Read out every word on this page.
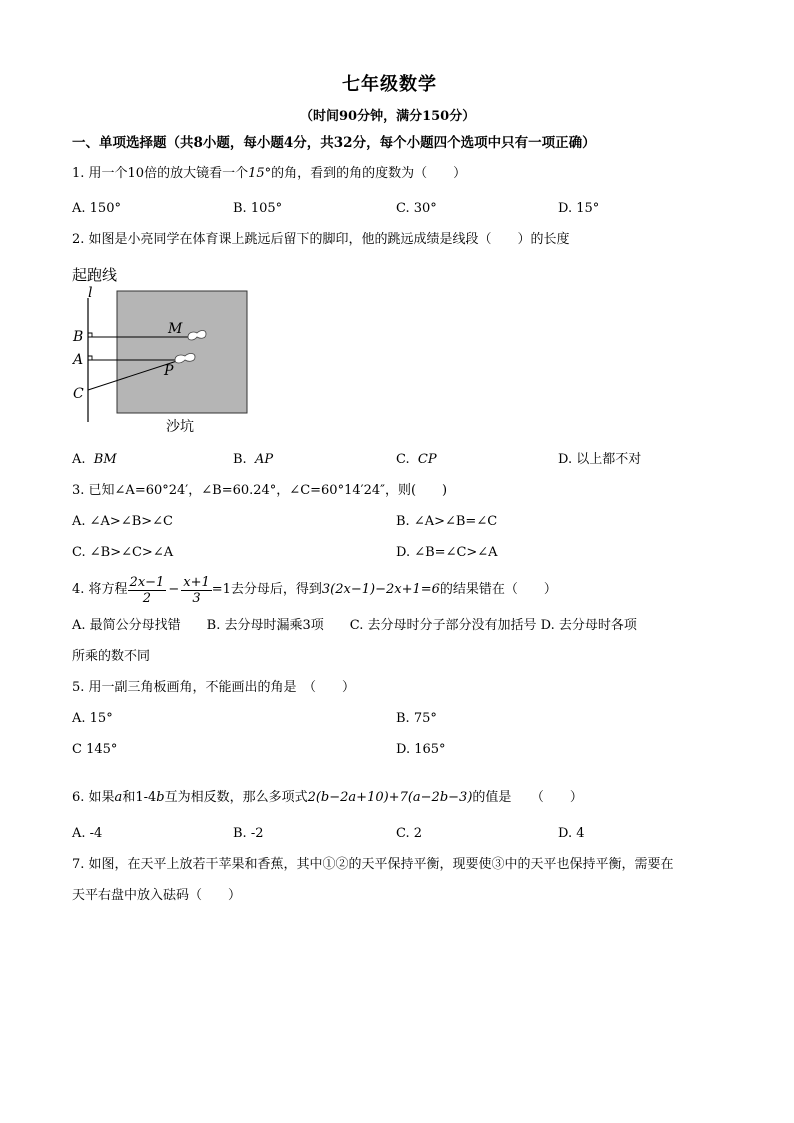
七年级数学
（时间90分钟，满分150分）
一、单项选择题（共8小题，每小题4分，共32分，每个小题四个选项中只有一项正确）
1. 用一个10倍的放大镜看一个15°的角，看到的角的度数为（　　）
A. 150°	B. 105°	C. 30°	D. 15°
2. 如图是小亮同学在体育课上跳远后留下的脚印，他的跳远成绩是线段（　　）的长度
起跑线
l
B
A
C
M
P
沙坑
A. BM	B. AP	C. CP	D. 以上都不对
3. 已知∠A=60°24′，∠B=60.24°，∠C=60°14′24″，则(　　)
A. ∠A>∠B>∠C	B. ∠A>∠B=∠C
C. ∠B>∠C>∠A	D. ∠B=∠C>∠A
4. 将方程 $\frac{2x-1}{2} - \frac{x+1}{3} =1$去分母后，得到 3(2x−1)−2x+1=6 的结果错在（　　）
A. 最简公分母找错　　B. 去分母时漏乘3项　　C. 去分母时分子部分没有加括号 D. 去分母时各项
所乘的数不同
5. 用一副三角板画角，不能画出的角是　（　　）
A. 15°	B. 75°
C 145°	D. 165°
6. 如果a和1-4b互为相反数，那么多项式2(b−2a+10)+7(a−2b−3)的值是　　（　　）
A. -4	B. -2	C. 2	D. 4
7. 如图，在天平上放若干苹果和香蕉，其中①②的天平保持平衡，现要使③中的天平也保持平衡，需要在
天平右盘中放入砝码（　　）
